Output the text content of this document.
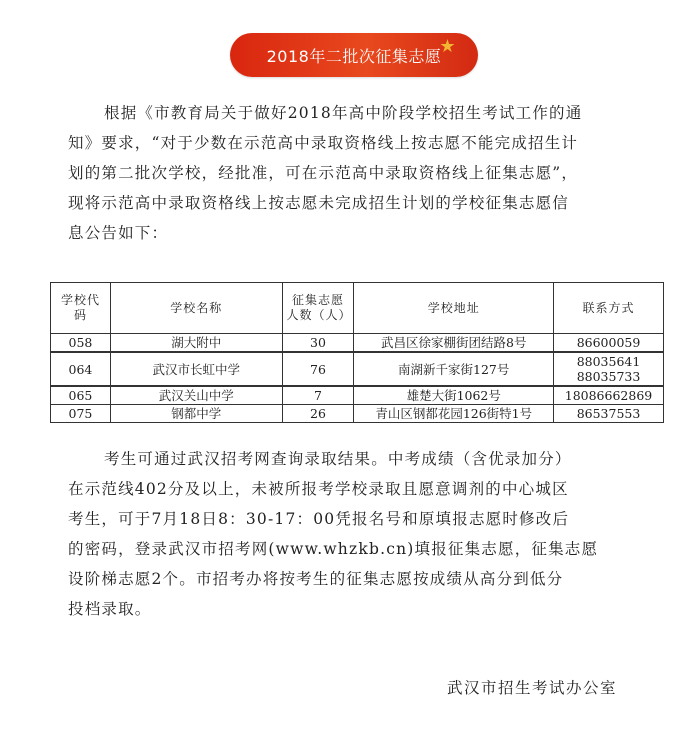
2018年二批次征集志愿
★
根据《市教育局关于做好2018年高中阶段学校招生考试工作的通
知》要求，“对于少数在示范高中录取资格线上按志愿不能完成招生计
划的第二批次学校，经批准，可在示范高中录取资格线上征集志愿”，
现将示范高中录取资格线上按志愿未完成招生计划的学校征集志愿信
息公告如下：
学校代码	学校名称	征集志愿人数（人）	学校地址	联系方式
058	湖大附中	30	武昌区徐家棚街团结路8号	86600059
064	武汉市长虹中学	76	南湖新千家街127号	88035641
88035733
065	武汉关山中学	7	雄楚大街1062号	18086662869
075	钢都中学	26	青山区钢都花园126街特1号	86537553
考生可通过武汉招考网查询录取结果。中考成绩（含优录加分）
在示范线402分及以上，未被所报考学校录取且愿意调剂的中心城区
考生，可于7月18日8：30-17：00凭报名号和原填报志愿时修改后
的密码，登录武汉市招考网(www.whzkb.cn)填报征集志愿，征集志愿
设阶梯志愿2个。市招考办将按考生的征集志愿按成绩从高分到低分
投档录取。
武汉市招生考试办公室
